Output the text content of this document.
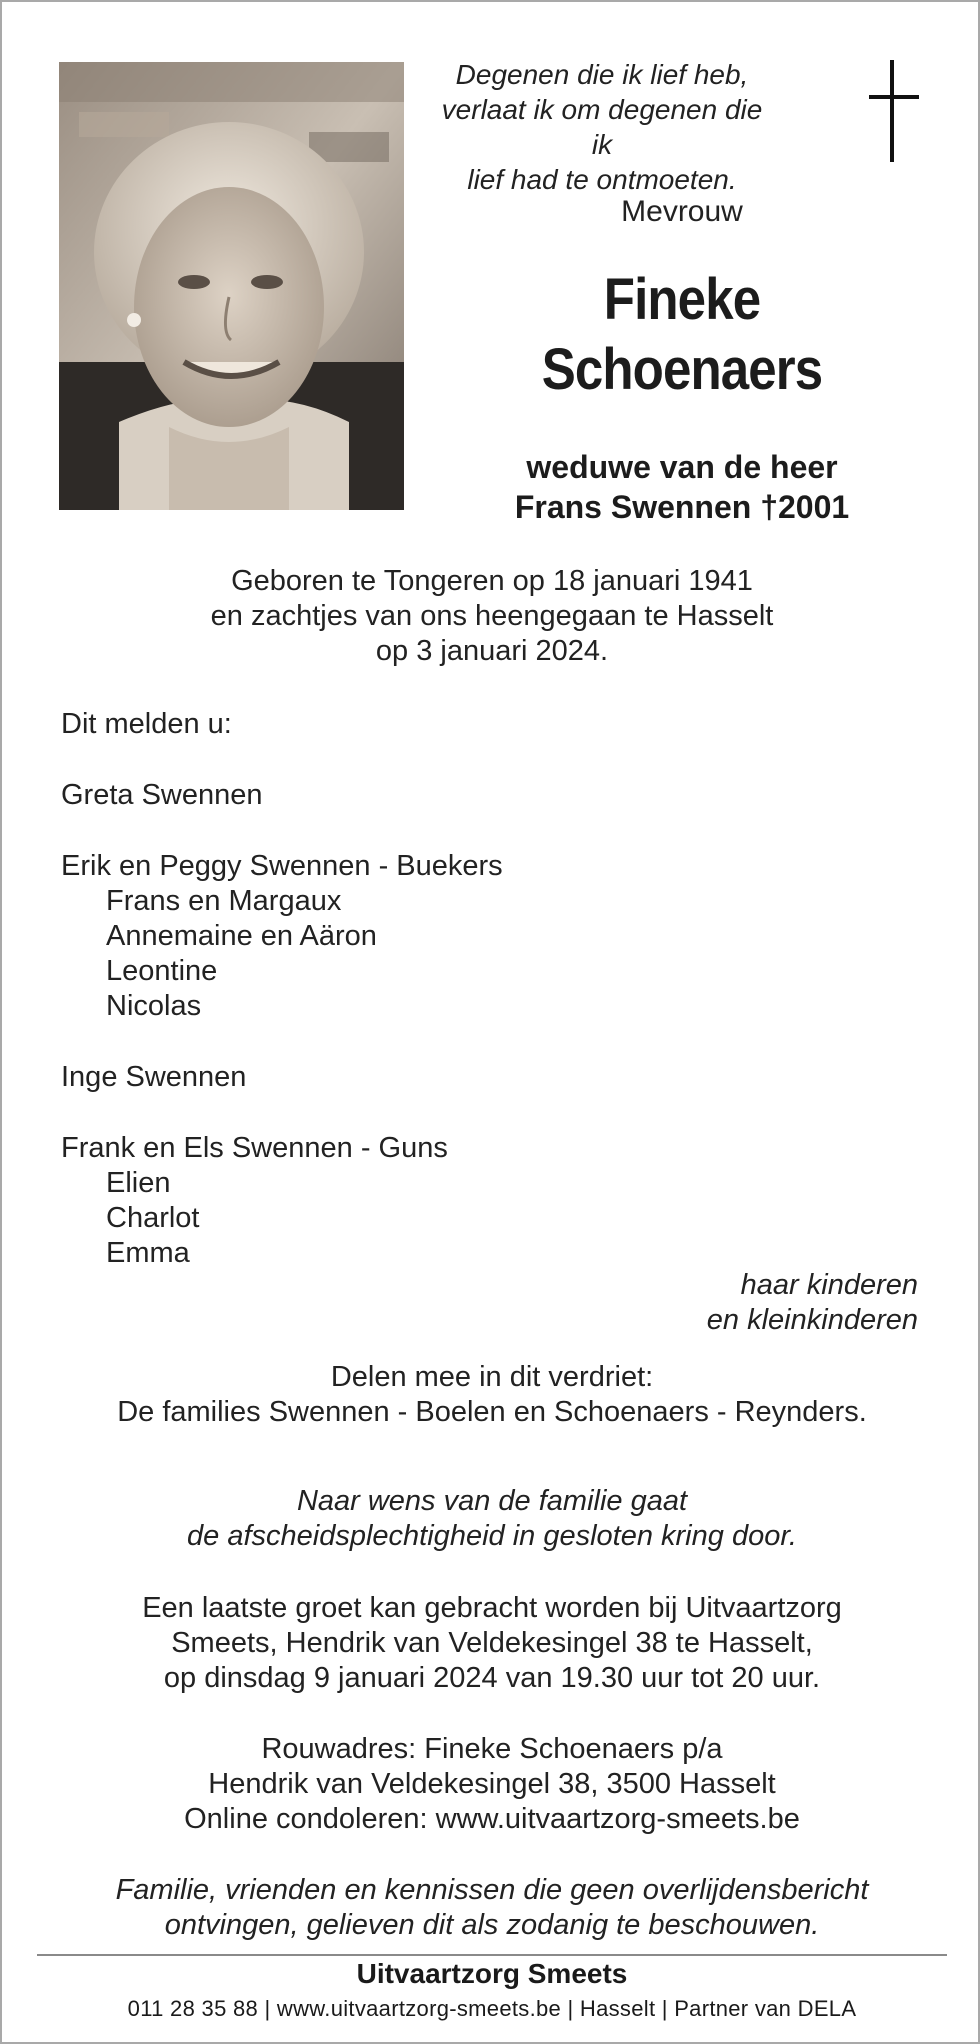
Degenen die ik lief heb,
verlaat ik om degenen die ik
lief had te ontmoeten.
Mevrouw
Fineke
Schoenaers
weduwe van de heer
Frans Swennen †2001
Geboren te Tongeren op 18 januari 1941
en zachtjes van ons heengegaan te Hasselt
op 3 januari 2024.
Dit melden u:
Greta Swennen
Erik en Peggy Swennen - Buekers
Frans en Margaux
Annemaine en Aäron
Leontine
Nicolas
Inge Swennen
Frank en Els Swennen - Guns
Elien
Charlot
Emma
haar kinderen
en kleinkinderen
Delen mee in dit verdriet:
De families Swennen - Boelen en Schoenaers - Reynders.
Naar wens van de familie gaat
de afscheidsplechtigheid in gesloten kring door.
Een laatste groet kan gebracht worden bij Uitvaartzorg
Smeets, Hendrik van Veldekesingel 38 te Hasselt,
op dinsdag 9 januari 2024 van 19.30 uur tot 20 uur.
Rouwadres: Fineke Schoenaers p/a
Hendrik van Veldekesingel 38, 3500 Hasselt
Online condoleren: www.uitvaartzorg-smeets.be
Familie, vrienden en kennissen die geen overlijdensbericht
ontvingen, gelieven dit als zodanig te beschouwen.
Uitvaartzorg Smeets
011 28 35 88 | www.uitvaartzorg-smeets.be | Hasselt | Partner van DELA
